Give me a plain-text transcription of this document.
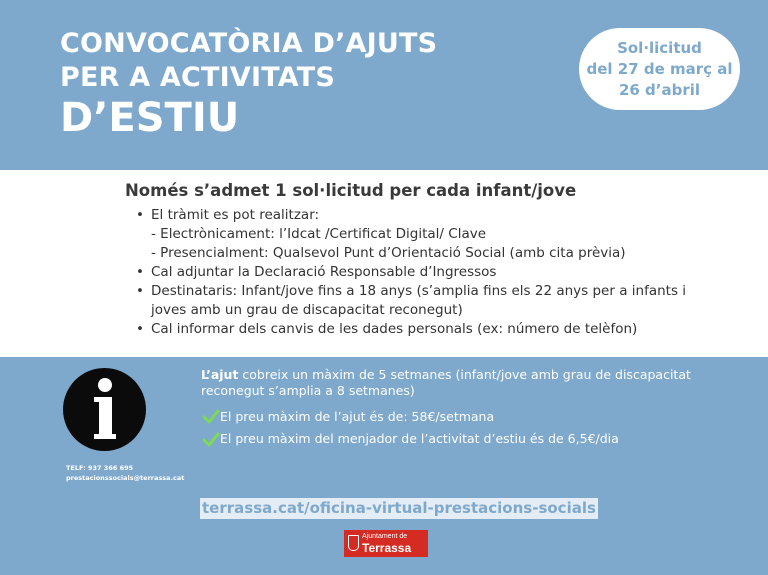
CONVOCATÒRIA D’AJUTS
PER A ACTIVITATS
D’ESTIU
Sol·licitud
del 27 de març al
26 d’abril
Només s’admet 1 sol·licitud per cada infant/jove
• El tràmit es pot realitzar:
- Electrònicament: l’Idcat /Certificat Digital/ Clave
- Presencialment: Qualsevol Punt d’Orientació Social (amb cita prèvia)
• Cal adjuntar la Declaració Responsable d’Ingressos
• Destinataris: Infant/jove fins a 18 anys (s’amplia fins els 22 anys per a infants i joves amb un grau de discapacitat reconegut)
• Cal informar dels canvis de les dades personals (ex: número de telèfon)
TELF: 937 366 695
prestacionssocials@terrassa.cat
L’ajut cobreix un màxim de 5 setmanes (infant/jove amb grau de discapacitat reconegut s’amplia a 8 setmanes)
El preu màxim de l’ajut és de: 58€/setmana
El preu màxim del menjador de l’activitat d’estiu és de 6,5€/dia
terrassa.cat/oficina-virtual-prestacions-socials
Ajuntament de
Terrassa
